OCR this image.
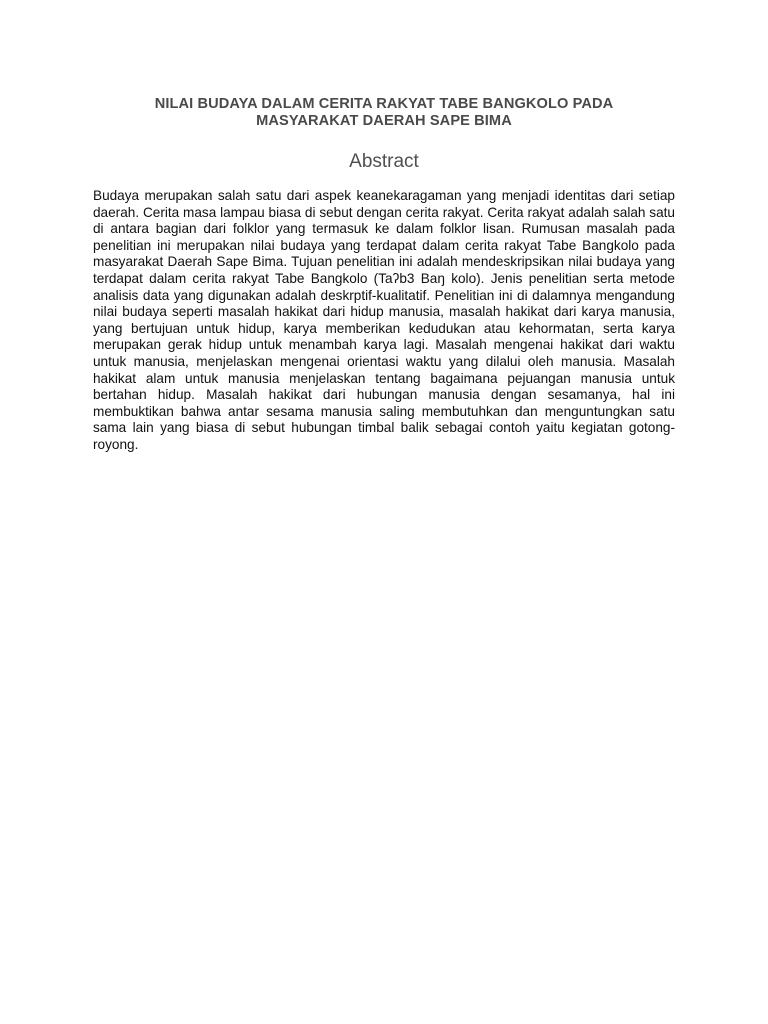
NILAI BUDAYA DALAM CERITA RAKYAT TABE BANGKOLO PADA
MASYARAKAT DAERAH SAPE BIMA
Abstract
Budaya merupakan salah satu dari aspek keanekaragaman yang menjadi identitas dari setiap daerah. Cerita masa lampau biasa di sebut dengan cerita rakyat. Cerita rakyat adalah salah satu di antara bagian dari folklor yang termasuk ke dalam folklor lisan. Rumusan masalah pada penelitian ini merupakan nilai budaya yang terdapat dalam cerita rakyat Tabe Bangkolo pada masyarakat Daerah Sape Bima. Tujuan penelitian ini adalah mendeskripsikan nilai budaya yang terdapat dalam cerita rakyat Tabe Bangkolo (Taʔb3 Baŋ kolo). Jenis penelitian serta metode analisis data yang digunakan adalah deskrptif-kualitatif. Penelitian ini di dalamnya mengandung nilai budaya seperti masalah hakikat dari hidup manusia, masalah hakikat dari karya manusia, yang bertujuan untuk hidup, karya memberikan kedudukan atau kehormatan, serta karya merupakan gerak hidup untuk menambah karya lagi. Masalah mengenai hakikat dari waktu untuk manusia, menjelaskan mengenai orientasi waktu yang dilalui oleh manusia. Masalah hakikat alam untuk manusia menjelaskan tentang bagaimana pejuangan manusia untuk bertahan hidup. Masalah hakikat dari hubungan manusia dengan sesamanya, hal ini membuktikan bahwa antar sesama manusia saling membutuhkan dan menguntungkan satu sama lain yang biasa di sebut hubungan timbal balik sebagai contoh yaitu kegiatan gotong-royong.
